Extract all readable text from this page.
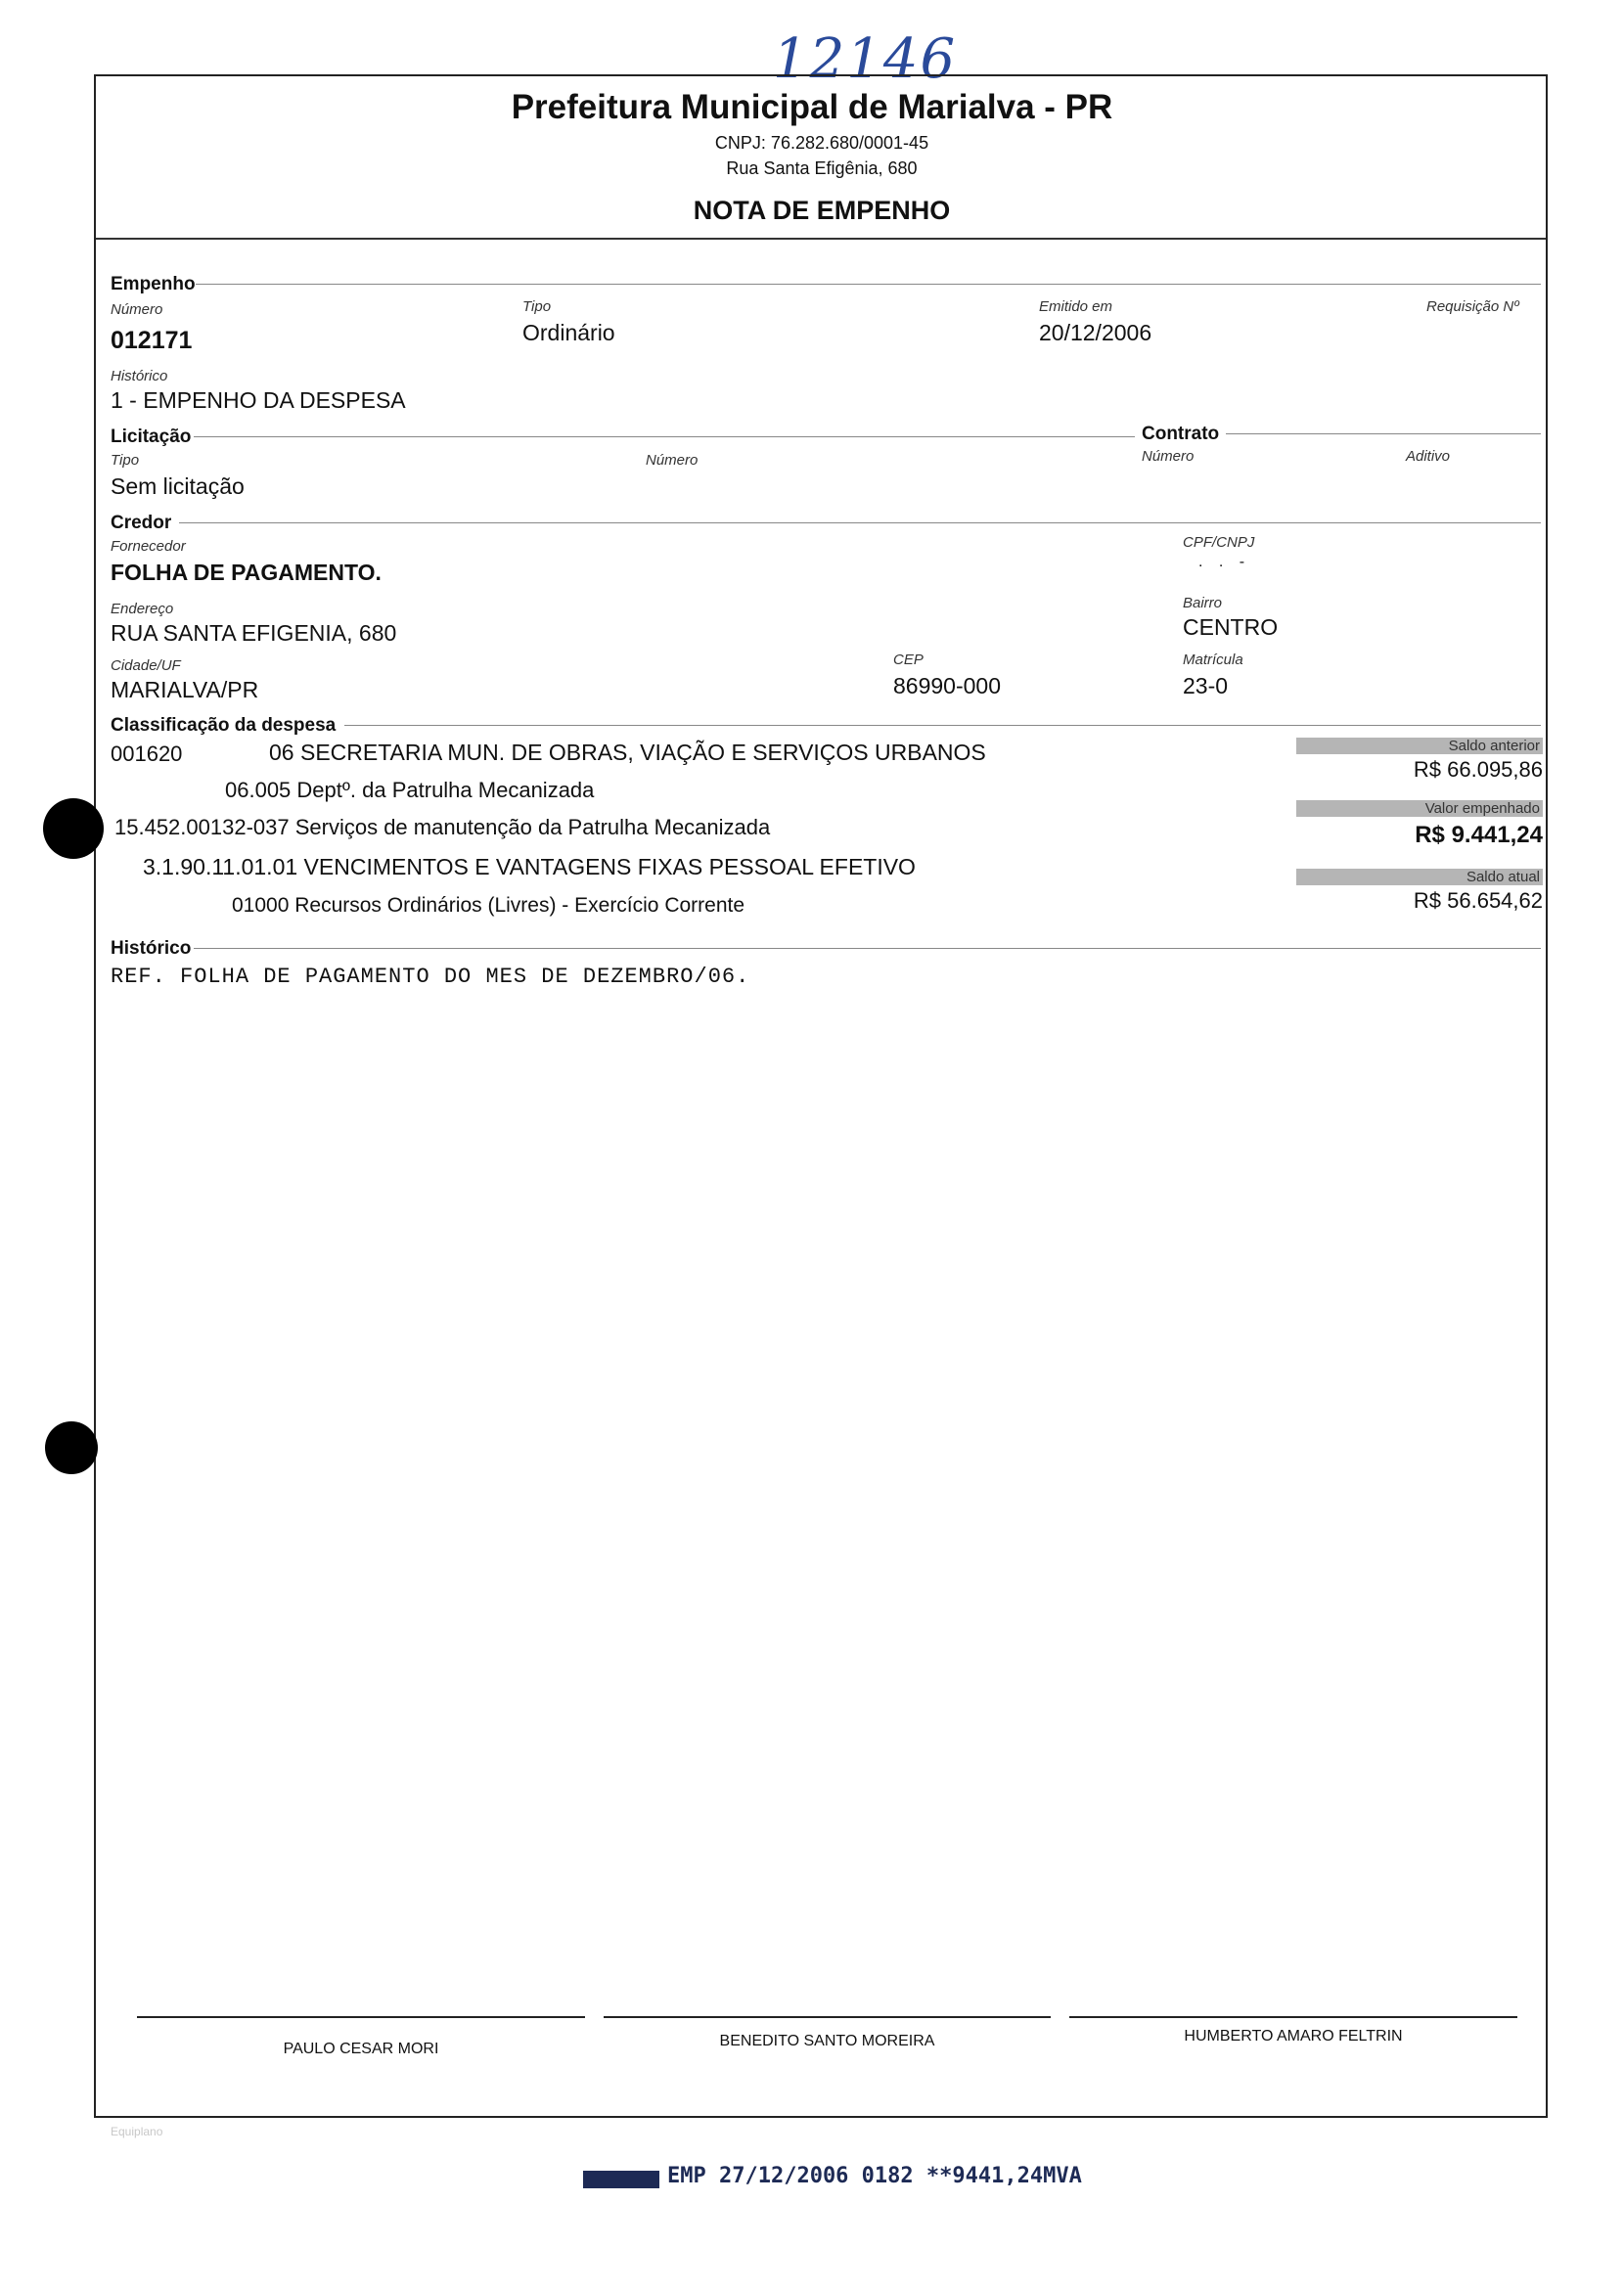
12146
Prefeitura Municipal de Marialva - PR
CNPJ: 76.282.680/0001-45
Rua Santa Efigênia, 680
NOTA DE EMPENHO
Empenho
Número
012171
Tipo
Ordinário
Emitido em
20/12/2006
Requisição Nº
Histórico
1 - EMPENHO DA DESPESA
Licitação	Contrato
Tipo
Sem licitação
Número	Número	Aditivo
Credor
Fornecedor
FOLHA DE PAGAMENTO.
CPF/CNPJ
. . -
Endereço
RUA SANTA EFIGENIA, 680
Bairro
CENTRO
Cidade/UF
MARIALVA/PR
CEP
86990-000
Matrícula
23-0
Classificação da despesa
001620	06 SECRETARIA MUN. DE OBRAS, VIAÇÃO E SERVIÇOS URBANOS
06.005 Deptº. da Patrulha Mecanizada
15.452.00132-037 Serviços de manutenção da Patrulha Mecanizada
3.1.90.11.01.01 VENCIMENTOS E VANTAGENS FIXAS PESSOAL EFETIVO
01000 Recursos Ordinários (Livres) - Exercício Corrente
Saldo anterior
R$ 66.095,86
Valor empenhado
R$ 9.441,24
Saldo atual
R$ 56.654,62
Histórico
REF. FOLHA DE PAGAMENTO DO MES DE DEZEMBRO/06.
PAULO CESAR MORI	BENEDITO SANTO MOREIRA	HUMBERTO AMARO FELTRIN
Equiplano
EMP 27/12/2006 0182 **9441,24MVA
